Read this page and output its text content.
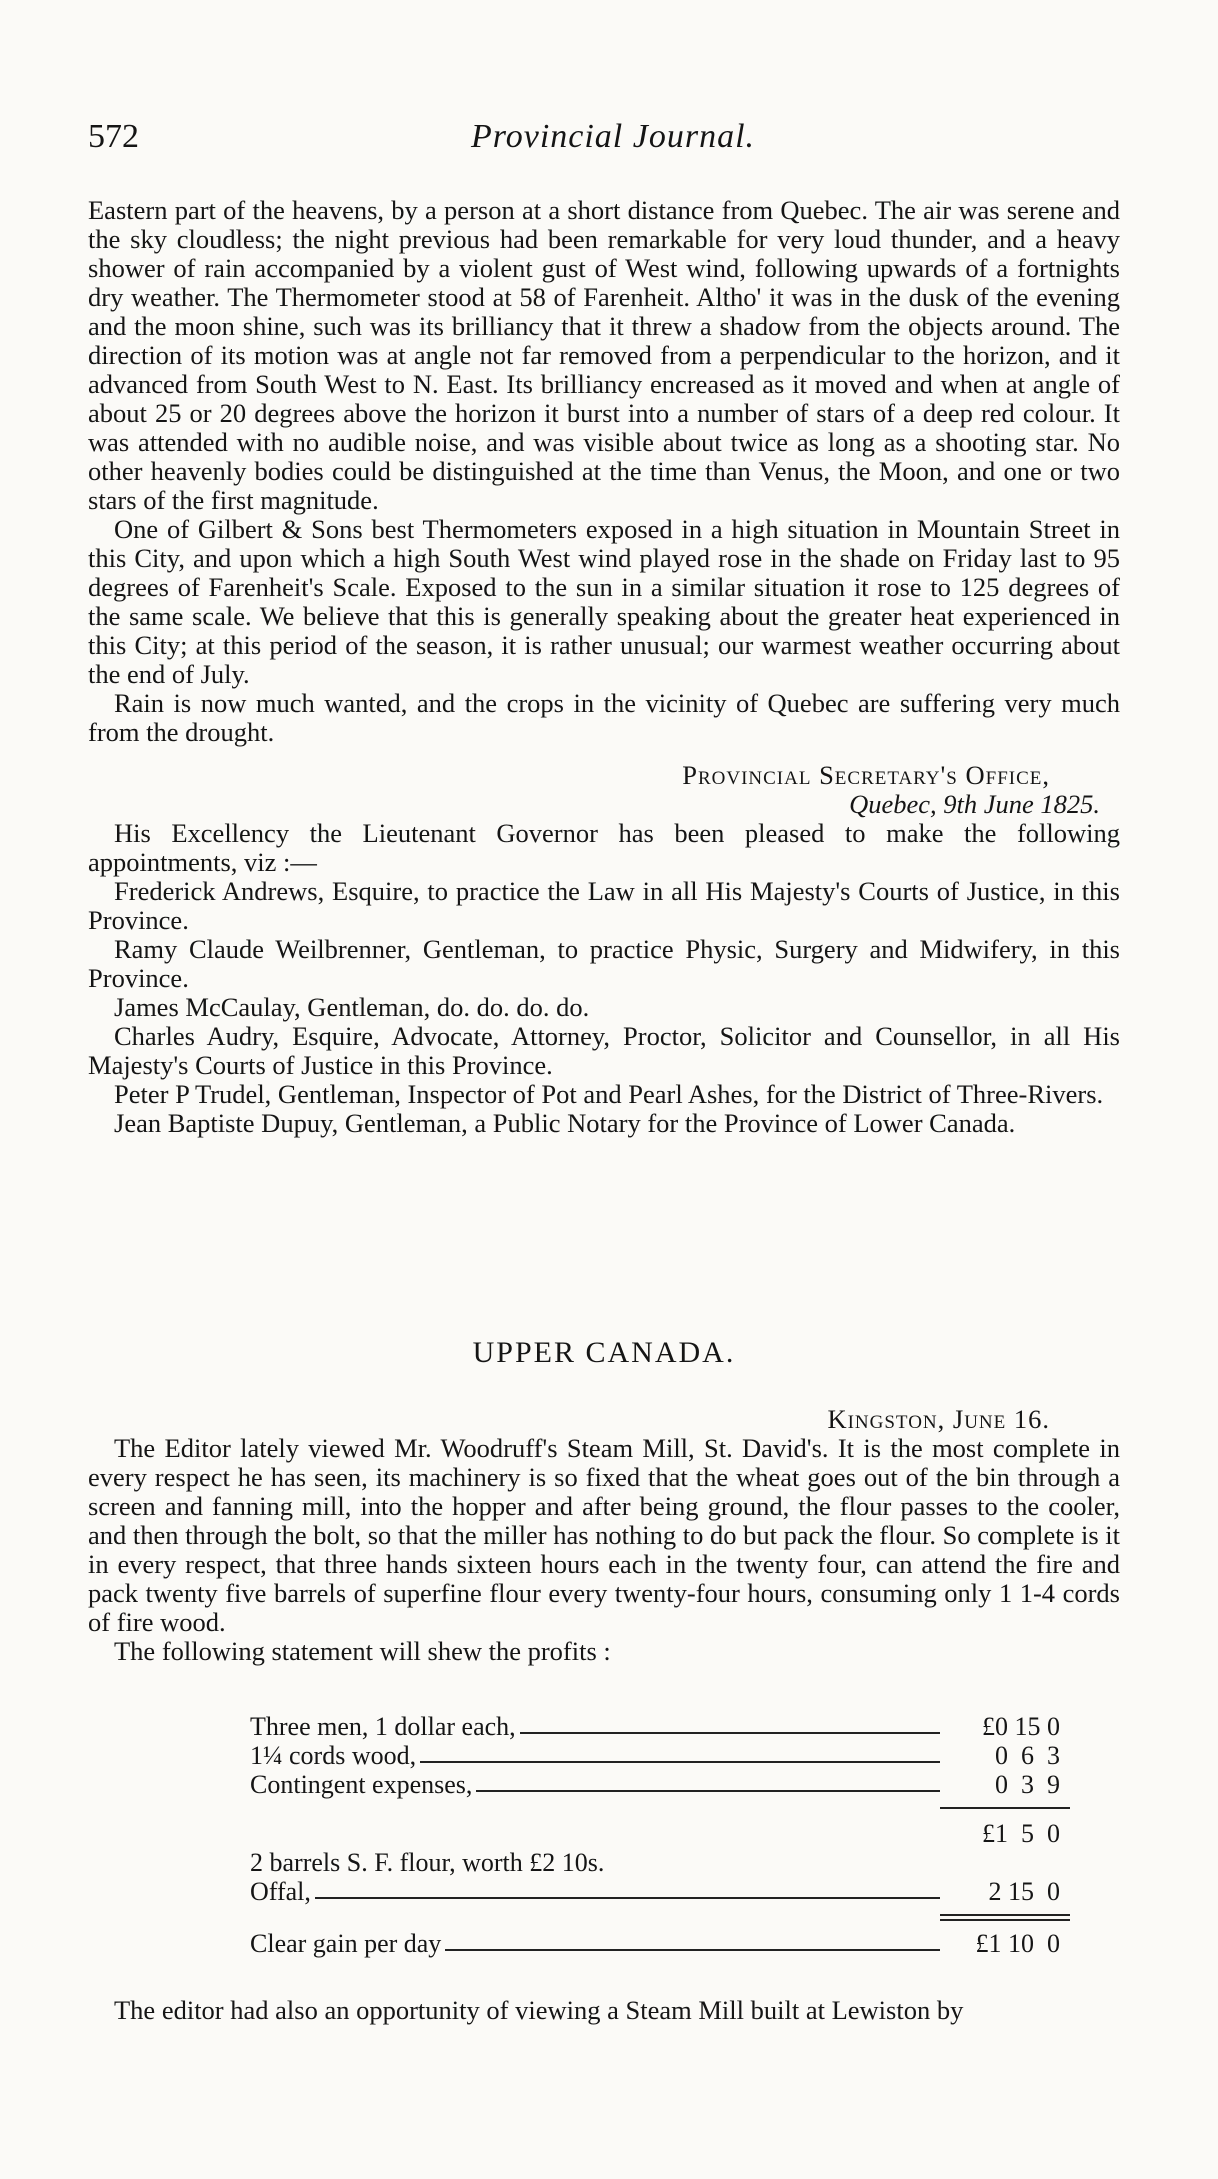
572	Provincial Journal.

Eastern part of the heavens, by a person at a short distance from Quebec. The air was serene and the sky cloudless; the night previous had been remarkable for very loud thunder, and a heavy shower of rain accompanied by a violent gust of West wind, following upwards of a fortnights dry weather. The Thermometer stood at 58 of Farenheit. Altho' it was in the dusk of the evening and the moon shine, such was its brilliancy that it threw a shadow from the objects around. The direction of its motion was at angle not far removed from a perpendicular to the horizon, and it advanced from South West to N. East. Its brilliancy encreased as it moved and when at angle of about 25 or 20 degrees above the horizon it burst into a number of stars of a deep red colour. It was attended with no audible noise, and was visible about twice as long as a shooting star. No other heavenly bodies could be distinguished at the time than Venus, the Moon, and one or two stars of the first magnitude.

One of Gilbert & Sons best Thermometers exposed in a high situation in Mountain Street in this City, and upon which a high South West wind played rose in the shade on Friday last to 95 degrees of Farenheit's Scale. Exposed to the sun in a similar situation it rose to 125 degrees of the same scale. We believe that this is generally speaking about the greater heat experienced in this City; at this period of the season, it is rather unusual; our warmest weather occurring about the end of July.

Rain is now much wanted, and the crops in the vicinity of Quebec are suffering very much from the drought.

Provincial Secretary's Office,

Quebec, 9th June 1825.

His Excellency the Lieutenant Governor has been pleased to make the following appointments, viz :—

Frederick Andrews, Esquire, to practice the Law in all His Majesty's Courts of Justice, in this Province.

Ramy Claude Weilbrenner, Gentleman, to practice Physic, Surgery and Midwifery, in this Province.

James McCaulay, Gentleman, do. do. do. do.

Charles Audry, Esquire, Advocate, Attorney, Proctor, Solicitor and Counsellor, in all His Majesty's Courts of Justice in this Province.

Peter P Trudel, Gentleman, Inspector of Pot and Pearl Ashes, for the District of Three-Rivers.

Jean Baptiste Dupuy, Gentleman, a Public Notary for the Province of Lower Canada.

UPPER CANADA.

Kingston, June 16.

The Editor lately viewed Mr. Woodruff's Steam Mill, St. David's. It is the most complete in every respect he has seen, its machinery is so fixed that the wheat goes out of the bin through a screen and fanning mill, into the hopper and after being ground, the flour passes to the cooler, and then through the bolt, so that the miller has nothing to do but pack the flour. So complete is it in every respect, that three hands sixteen hours each in the twenty four, can attend the fire and pack twenty five barrels of superfine flour every twenty-four hours, consuming only 1 1-4 cords of fire wood.

The following statement will shew the profits :

Three men, 1 dollar each,	£0 15 0
1¼ cords wood,	0  6  3
Contingent expenses,	0  3  9
£1  5  0
2 barrels S. F. flour, worth £2 10s.
Offal,	2 15  0
Clear gain per day	£1 10  0

The editor had also an opportunity of viewing a Steam Mill built at Lewiston by
